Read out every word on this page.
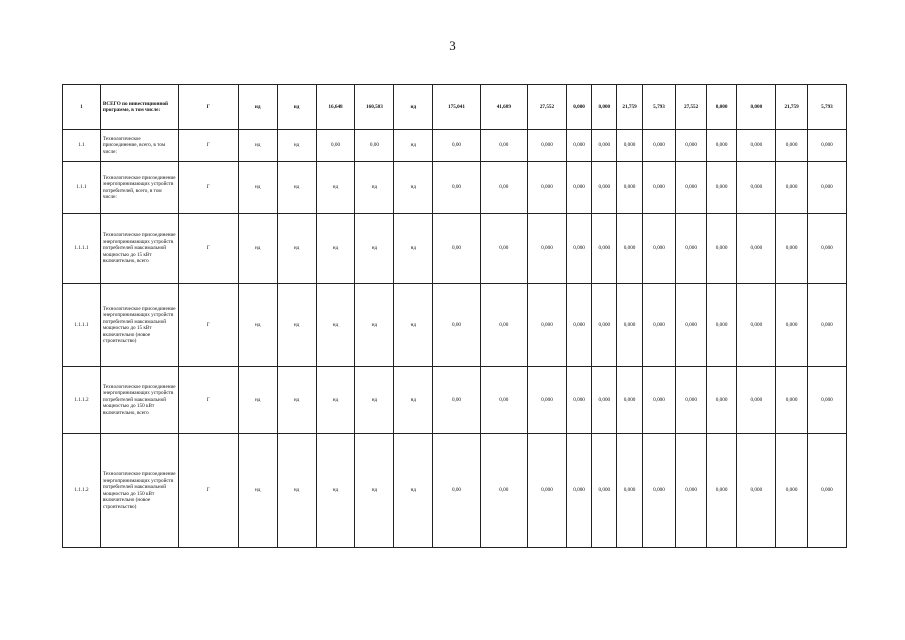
3
1	ВСЕГО по инвестиционной программе, в том числе:	Г	нд	нд	16,648	160,503	нд	175,041	41,689	27,552	0,000	0,000	21,759	5,793	27,552	0,000	0,000	21,759	5,793
1.1	Технологическое присоединение, всего, в том числе:	Г	нд	нд	0,00	0,00	нд	0,00	0,00	0,000	0,000	0,000	0,000	0,000	0,000	0,000	0,000	0,000	0,000
1.1.1	Технологическое присоединение энергопринимающих устройств потребителей, всего, в том числе:	Г	нд	нд	нд	нд	нд	0,00	0,00	0,000	0,000	0,000	0,000	0,000	0,000	0,000	0,000	0,000	0,000
1.1.1.1	Технологическое присоединение энергопринимающих устройств потребителей максимальной мощностью до 15 кВт включительно, всего	Г	нд	нд	нд	нд	нд	0,00	0,00	0,000	0,000	0,000	0,000	0,000	0,000	0,000	0,000	0,000	0,000
1.1.1.1	Технологическое присоединение энергопринимающих устройств потребителей максимальной мощностью до 15 кВт включительно (новое строительство)	Г	нд	нд	нд	нд	нд	0,00	0,00	0,000	0,000	0,000	0,000	0,000	0,000	0,000	0,000	0,000	0,000
1.1.1.2	Технологическое присоединение энергопринимающих устройств потребителей максимальной мощностью до 150 кВт включительно, всего	Г	нд	нд	нд	нд	нд	0,00	0,00	0,000	0,000	0,000	0,000	0,000	0,000	0,000	0,000	0,000	0,000
1.1.1.2	Технологическое присоединение энергопринимающих устройств потребителей максимальной мощностью до 150 кВт включительно (новое строительство)	Г	нд	нд	нд	нд	нд	0,00	0,00	0,000	0,000	0,000	0,000	0,000	0,000	0,000	0,000	0,000	0,000
